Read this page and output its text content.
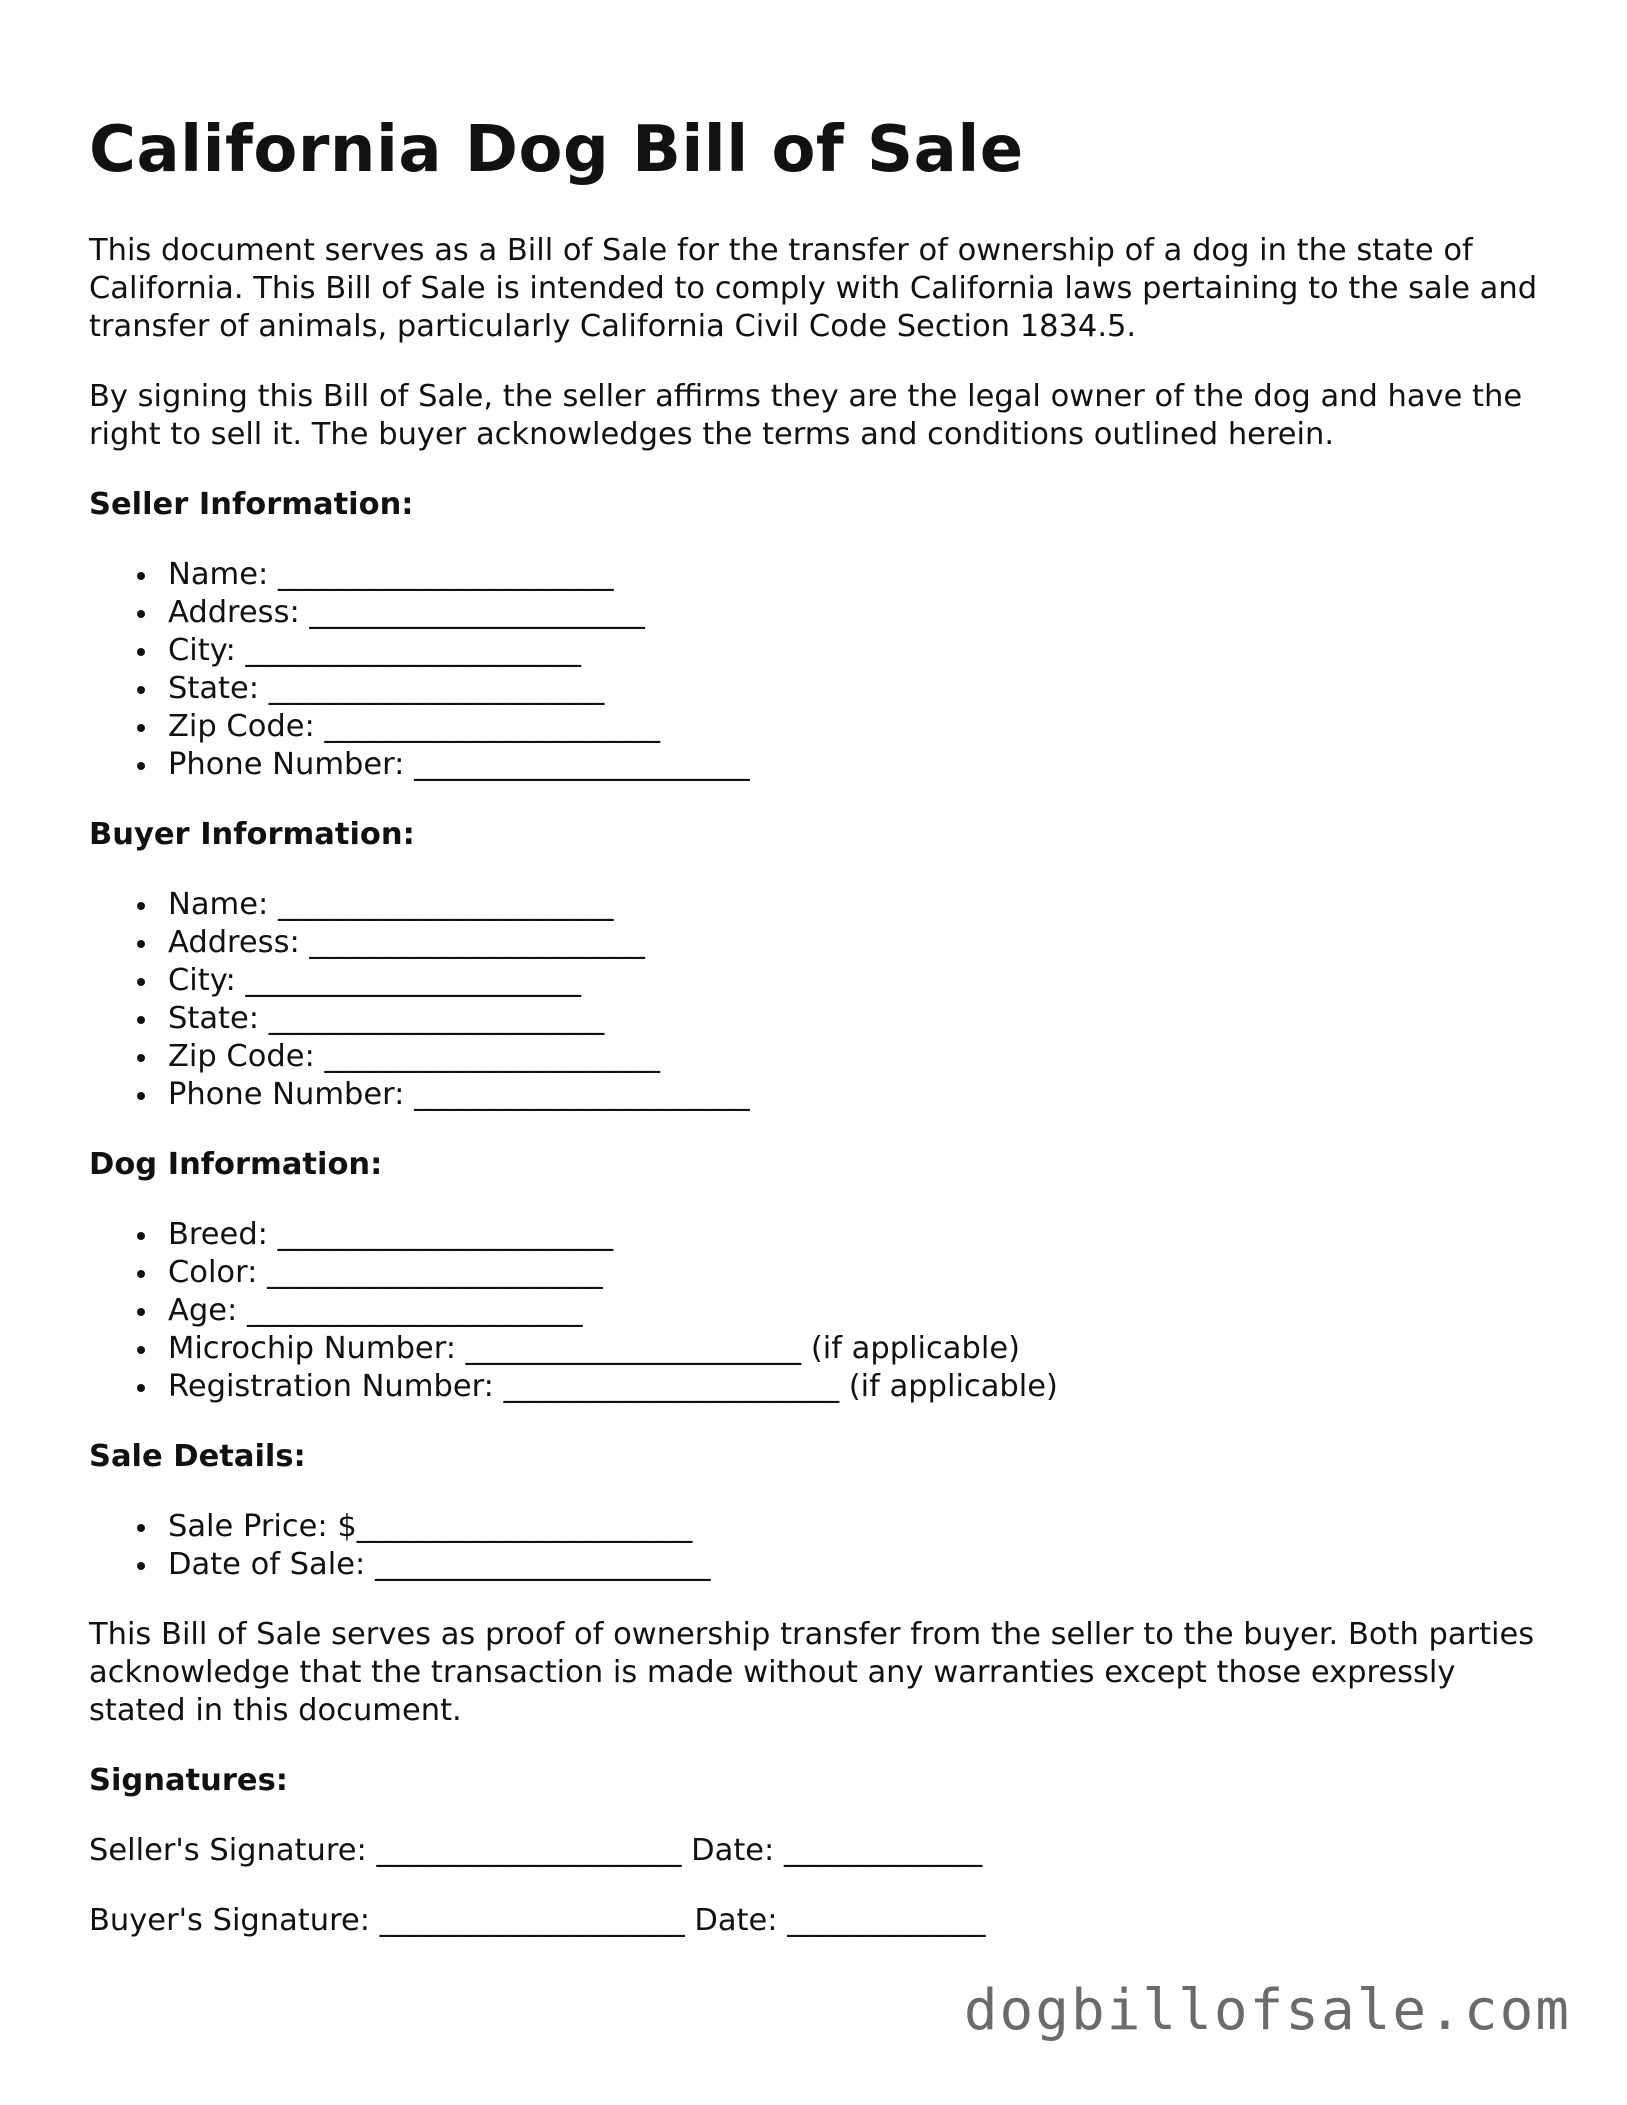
California Dog Bill of Sale

This document serves as a Bill of Sale for the transfer of ownership of a dog in the state of California. This Bill of Sale is intended to comply with California laws pertaining to the sale and transfer of animals, particularly California Civil Code Section 1834.5.

By signing this Bill of Sale, the seller affirms they are the legal owner of the dog and have the right to sell it. The buyer acknowledges the terms and conditions outlined herein.

Seller Information:
Name: ______________________
Address: ______________________
City: ______________________
State: ______________________
Zip Code: ______________________
Phone Number: ______________________
Buyer Information:
Name: ______________________
Address: ______________________
City: ______________________
State: ______________________
Zip Code: ______________________
Phone Number: ______________________
Dog Information:
Breed: ______________________
Color: ______________________
Age: ______________________
Microchip Number: ______________________ (if applicable)
Registration Number: ______________________ (if applicable)
Sale Details:
Sale Price: $______________________
Date of Sale: ______________________

This Bill of Sale serves as proof of ownership transfer from the seller to the buyer. Both parties acknowledge that the transaction is made without any warranties except those expressly stated in this document.

Signatures:
Seller's Signature: ____________________ Date: _____________
Buyer's Signature: ____________________ Date: _____________
dogbillofsale.com
